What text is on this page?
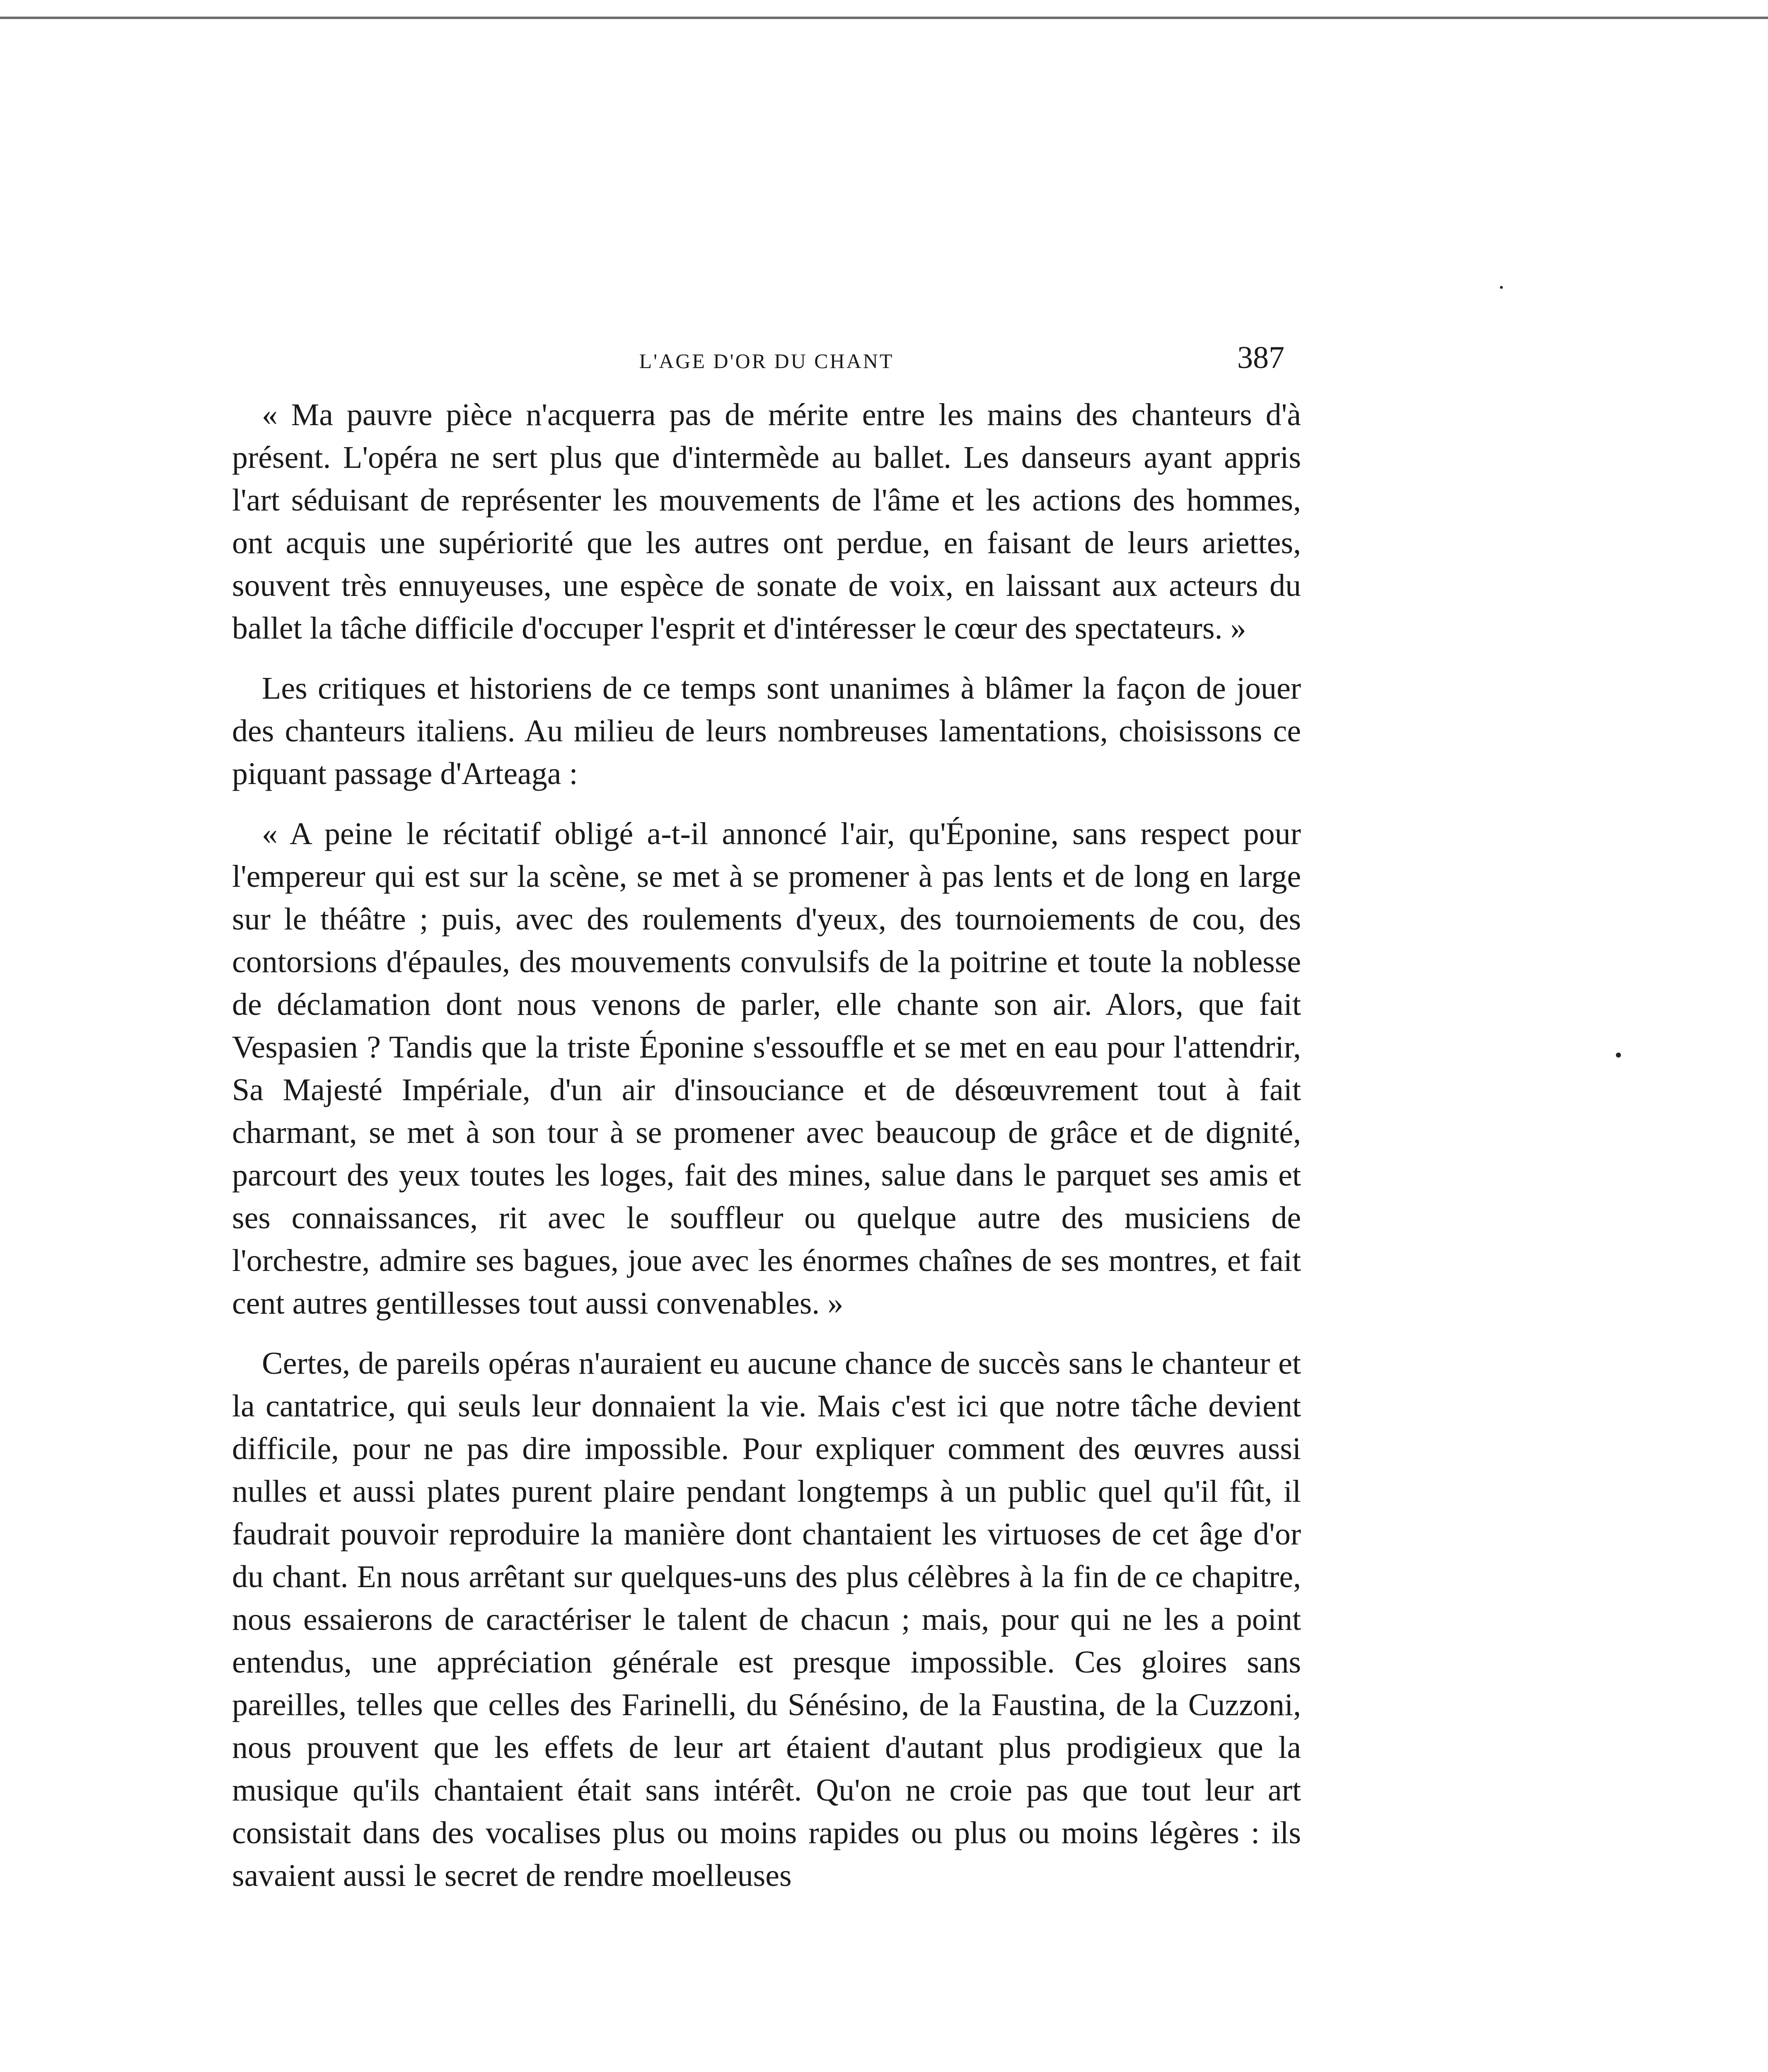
L'AGE D'OR DU CHANT	387

« Ma pauvre pièce n'acquerra pas de mérite entre les mains des chanteurs d'à présent. L'opéra ne sert plus que d'intermède au ballet. Les danseurs ayant appris l'art séduisant de représenter les mouvements de l'âme et les actions des hommes, ont acquis une supériorité que les autres ont perdue, en faisant de leurs ariettes, souvent très ennuyeuses, une espèce de sonate de voix, en laissant aux acteurs du ballet la tâche difficile d'occuper l'esprit et d'intéresser le cœur des spectateurs. »

Les critiques et historiens de ce temps sont unanimes à blâmer la façon de jouer des chanteurs italiens. Au milieu de leurs nombreuses lamentations, choisissons ce piquant passage d'Arteaga :

« A peine le récitatif obligé a-t-il annoncé l'air, qu'Éponine, sans respect pour l'empereur qui est sur la scène, se met à se promener à pas lents et de long en large sur le théâtre ; puis, avec des roulements d'yeux, des tournoiements de cou, des contorsions d'épaules, des mouvements convulsifs de la poitrine et toute la noblesse de déclamation dont nous venons de parler, elle chante son air. Alors, que fait Vespasien ? Tandis que la triste Éponine s'essouffle et se met en eau pour l'attendrir, Sa Majesté Impériale, d'un air d'insouciance et de désœuvrement tout à fait charmant, se met à son tour à se promener avec beaucoup de grâce et de dignité, parcourt des yeux toutes les loges, fait des mines, salue dans le parquet ses amis et ses connaissances, rit avec le souffleur ou quelque autre des musiciens de l'orchestre, admire ses bagues, joue avec les énormes chaînes de ses montres, et fait cent autres gentillesses tout aussi convenables. »

Certes, de pareils opéras n'auraient eu aucune chance de succès sans le chanteur et la cantatrice, qui seuls leur donnaient la vie. Mais c'est ici que notre tâche devient difficile, pour ne pas dire impossible. Pour expliquer comment des œuvres aussi nulles et aussi plates purent plaire pendant longtemps à un public quel qu'il fût, il faudrait pouvoir reproduire la manière dont chantaient les virtuoses de cet âge d'or du chant. En nous arrêtant sur quelques-uns des plus célèbres à la fin de ce chapitre, nous essaierons de caractériser le talent de chacun ; mais, pour qui ne les a point entendus, une appréciation générale est presque impossible. Ces gloires sans pareilles, telles que celles des Farinelli, du Sénésino, de la Faustina, de la Cuzzoni, nous prouvent que les effets de leur art étaient d'autant plus prodigieux que la musique qu'ils chantaient était sans intérêt. Qu'on ne croie pas que tout leur art consistait dans des vocalises plus ou moins rapides ou plus ou moins légères : ils savaient aussi le secret de rendre moelleuses
